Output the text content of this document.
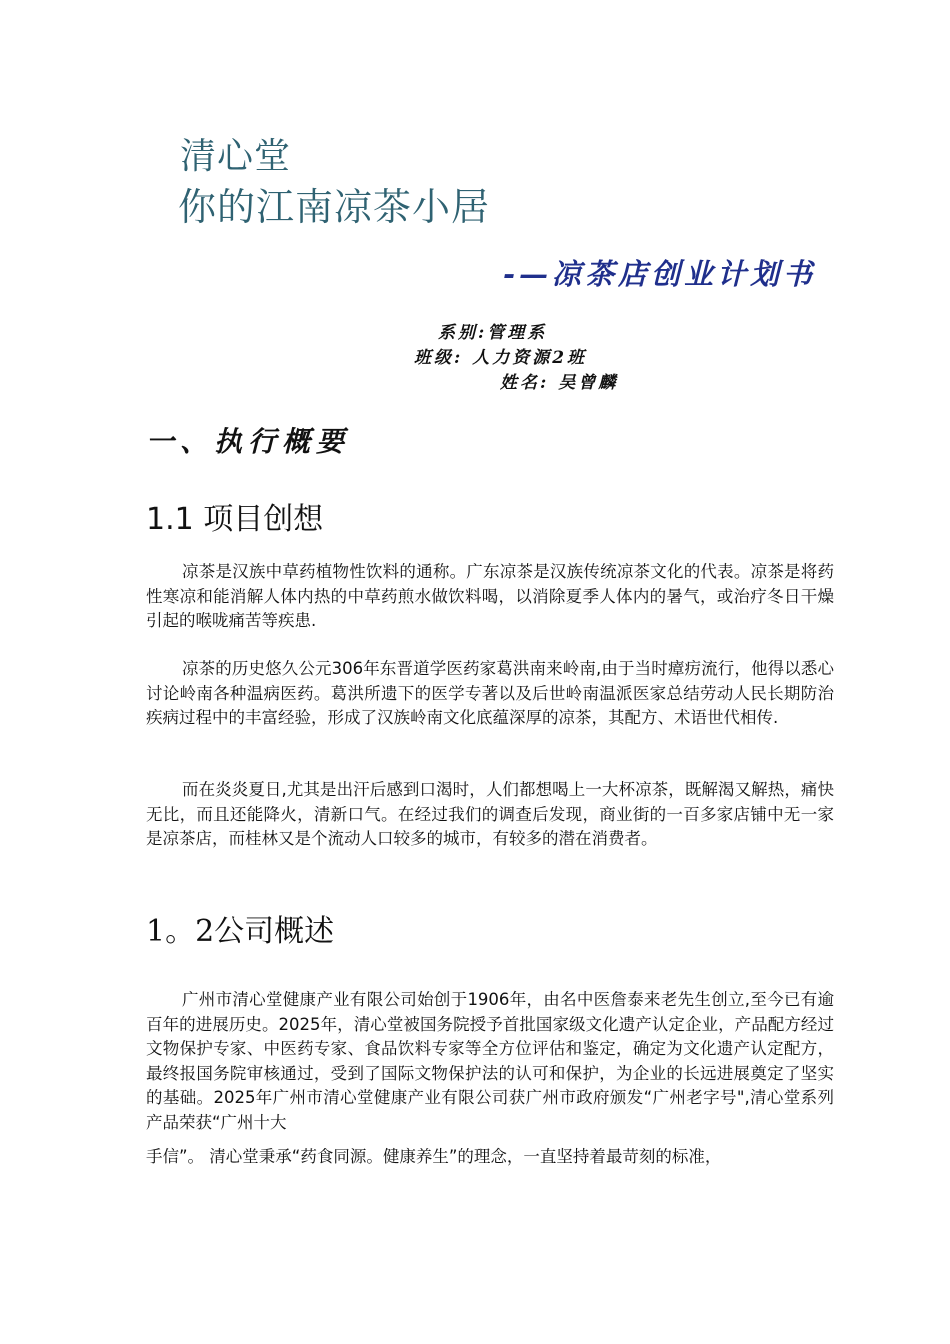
清心堂
你的江南凉茶小居
-—凉茶店创业计划书
系别:管理系
班级: 人力资源2班
姓名: 吴曾麟
一、执行概要
1.1 项目创想

凉茶是汉族中草药植物性饮料的通称。广东凉茶是汉族传统凉茶文化的代表。凉茶是将药性寒凉和能消解人体内热的中草药煎水做饮料喝，以消除夏季人体内的暑气，或治疗冬日干燥引起的喉咙痛苦等疾患.

凉茶的历史悠久公元306年东晋道学医药家葛洪南来岭南,由于当时瘴疠流行，他得以悉心讨论岭南各种温病医药。葛洪所遗下的医学专著以及后世岭南温派医家总结劳动人民长期防治疾病过程中的丰富经验，形成了汉族岭南文化底蕴深厚的凉茶，其配方、术语世代相传.

而在炎炎夏日,尤其是出汗后感到口渴时，人们都想喝上一大杯凉茶，既解渴又解热，痛快无比，而且还能降火，清新口气。在经过我们的调查后发现，商业街的一百多家店铺中无一家是凉茶店，而桂林又是个流动人口较多的城市，有较多的潜在消费者。

1。2公司概述

广州市清心堂健康产业有限公司始创于1906年，由名中医詹泰来老先生创立,至今已有逾百年的进展历史。2025年，清心堂被国务院授予首批国家级文化遗产认定企业，产品配方经过文物保护专家、中医药专家、食品饮料专家等全方位评估和鉴定，确定为文化遗产认定配方，最终报国务院审核通过，受到了国际文物保护法的认可和保护，为企业的长远进展奠定了坚实的基础。2025年广州市清心堂健康产业有限公司获广州市政府颁发“广州老字号",清心堂系列产品荣获“广州十大
手信”。 清心堂秉承“药食同源。健康养生”的理念，一直坚持着最苛刻的标准，
